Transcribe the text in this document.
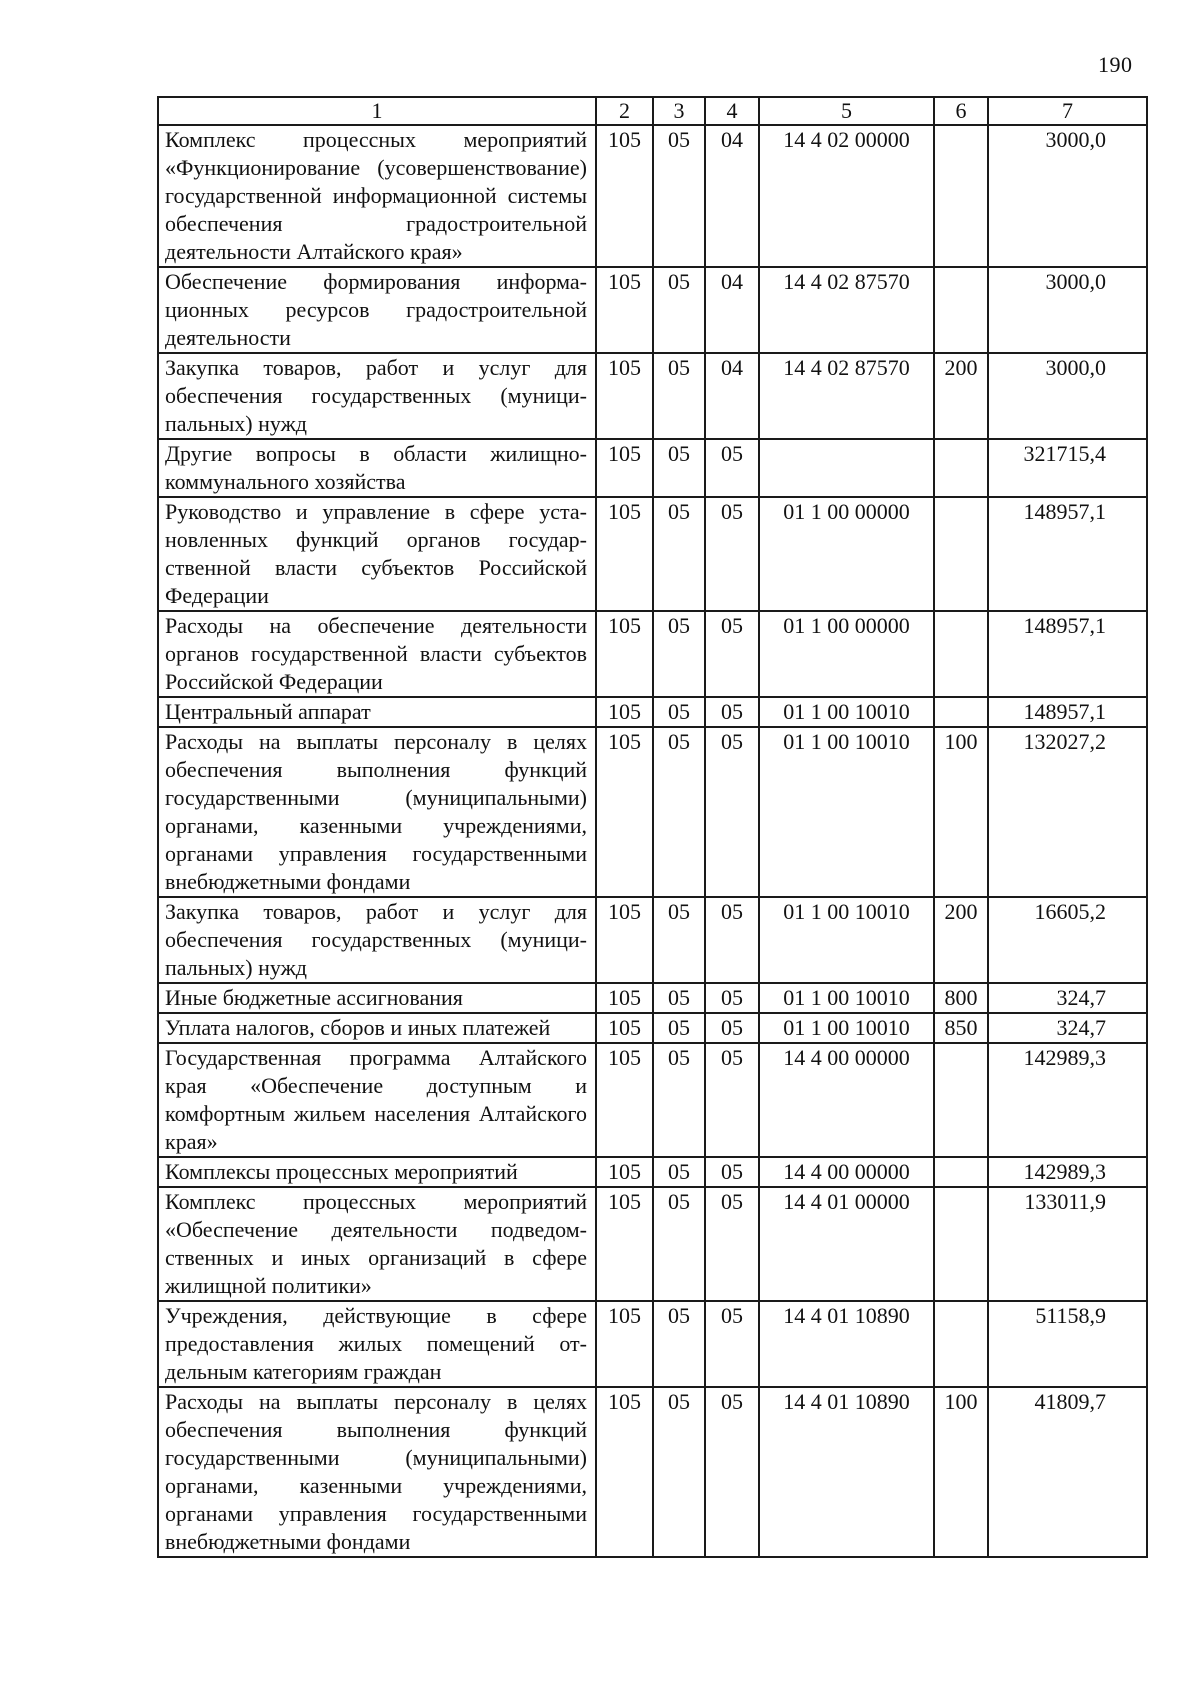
190
1	2	3	4	5	6	7
Комплекс процессных мероприятий «Функционирование (усовершенствование) государственной информационной системы обеспечения градостроительной деятельности Алтайского края»	105	05	04	14 4 02 00000		3000,0
Обеспечение формирования информационных ресурсов градостроительной деятельности	105	05	04	14 4 02 87570		3000,0
Закупка товаров, работ и услуг для обеспечения государственных (муниципальных) нужд	105	05	04	14 4 02 87570	200	3000,0
Другие вопросы в области жилищно-коммунального хозяйства	105	05	05			321715,4
Руководство и управление в сфере установленных функций органов государственной власти субъектов Российской Федерации	105	05	05	01 1 00 00000		148957,1
Расходы на обеспечение деятельности органов государственной власти субъектов Российской Федерации	105	05	05	01 1 00 00000		148957,1
Центральный аппарат	105	05	05	01 1 00 10010		148957,1
Расходы на выплаты персоналу в целях обеспечения выполнения функций государственными (муниципальными) органами, казенными учреждениями, органами управления государственными внебюджетными фондами	105	05	05	01 1 00 10010	100	132027,2
Закупка товаров, работ и услуг для обеспечения государственных (муниципальных) нужд	105	05	05	01 1 00 10010	200	16605,2
Иные бюджетные ассигнования	105	05	05	01 1 00 10010	800	324,7
Уплата налогов, сборов и иных платежей	105	05	05	01 1 00 10010	850	324,7
Государственная программа Алтайского края «Обеспечение доступным и комфортным жильем населения Алтайского края»	105	05	05	14 4 00 00000		142989,3
Комплексы процессных мероприятий	105	05	05	14 4 00 00000		142989,3
Комплекс процессных мероприятий «Обеспечение деятельности подведомственных и иных организаций в сфере жилищной политики»	105	05	05	14 4 01 00000		133011,9
Учреждения, действующие в сфере предоставления жилых помещений отдельным категориям граждан	105	05	05	14 4 01 10890		51158,9
Расходы на выплаты персоналу в целях обеспечения выполнения функций государственными (муниципальными) органами, казенными учреждениями, органами управления государственными внебюджетными фондами	105	05	05	14 4 01 10890	100	41809,7
